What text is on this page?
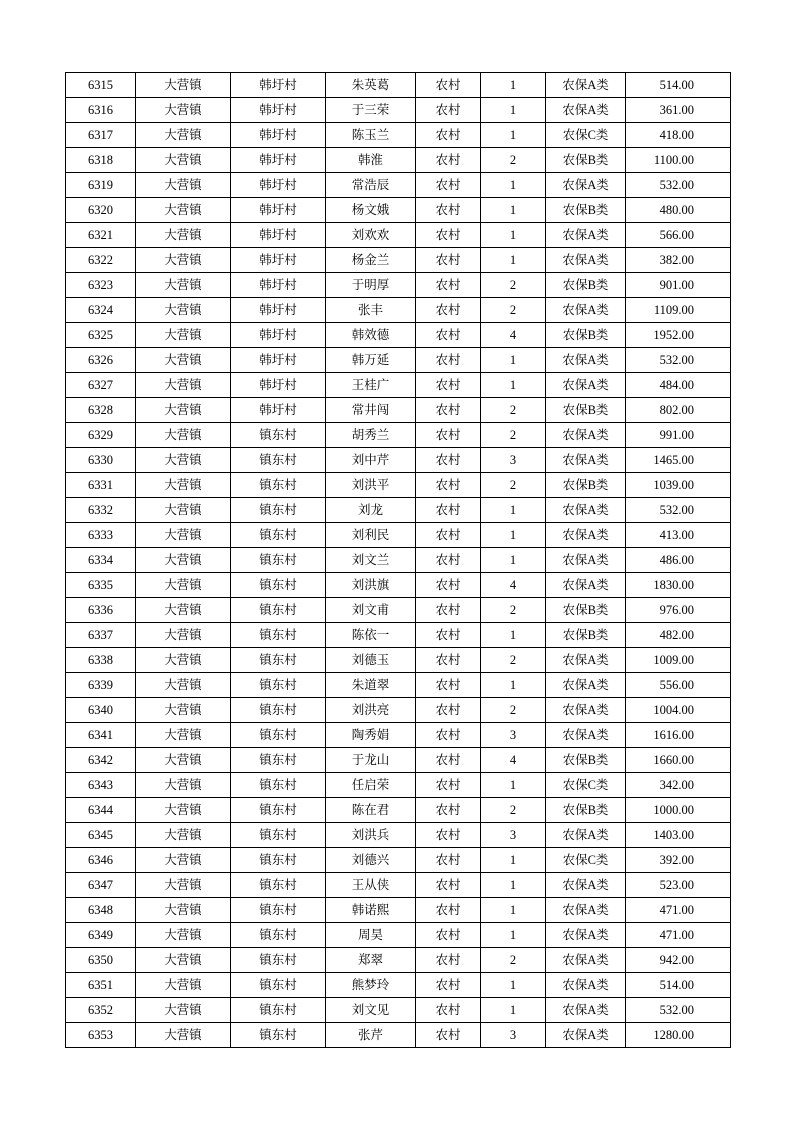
6315	大营镇	韩圩村	朱英葛	农村	1	农保A类	514.00
6316	大营镇	韩圩村	于三荣	农村	1	农保A类	361.00
6317	大营镇	韩圩村	陈玉兰	农村	1	农保C类	418.00
6318	大营镇	韩圩村	韩淮	农村	2	农保B类	1100.00
6319	大营镇	韩圩村	常浩辰	农村	1	农保A类	532.00
6320	大营镇	韩圩村	杨文娥	农村	1	农保B类	480.00
6321	大营镇	韩圩村	刘欢欢	农村	1	农保A类	566.00
6322	大营镇	韩圩村	杨金兰	农村	1	农保A类	382.00
6323	大营镇	韩圩村	于明厚	农村	2	农保B类	901.00
6324	大营镇	韩圩村	张丰	农村	2	农保A类	1109.00
6325	大营镇	韩圩村	韩效德	农村	4	农保B类	1952.00
6326	大营镇	韩圩村	韩万延	农村	1	农保A类	532.00
6327	大营镇	韩圩村	王桂广	农村	1	农保A类	484.00
6328	大营镇	韩圩村	常井闯	农村	2	农保B类	802.00
6329	大营镇	镇东村	胡秀兰	农村	2	农保A类	991.00
6330	大营镇	镇东村	刘中芹	农村	3	农保A类	1465.00
6331	大营镇	镇东村	刘洪平	农村	2	农保B类	1039.00
6332	大营镇	镇东村	刘龙	农村	1	农保A类	532.00
6333	大营镇	镇东村	刘利民	农村	1	农保A类	413.00
6334	大营镇	镇东村	刘文兰	农村	1	农保A类	486.00
6335	大营镇	镇东村	刘洪旗	农村	4	农保A类	1830.00
6336	大营镇	镇东村	刘文甫	农村	2	农保B类	976.00
6337	大营镇	镇东村	陈依一	农村	1	农保B类	482.00
6338	大营镇	镇东村	刘德玉	农村	2	农保A类	1009.00
6339	大营镇	镇东村	朱道翠	农村	1	农保A类	556.00
6340	大营镇	镇东村	刘洪亮	农村	2	农保A类	1004.00
6341	大营镇	镇东村	陶秀娟	农村	3	农保A类	1616.00
6342	大营镇	镇东村	于龙山	农村	4	农保B类	1660.00
6343	大营镇	镇东村	任启荣	农村	1	农保C类	342.00
6344	大营镇	镇东村	陈在君	农村	2	农保B类	1000.00
6345	大营镇	镇东村	刘洪兵	农村	3	农保A类	1403.00
6346	大营镇	镇东村	刘德兴	农村	1	农保C类	392.00
6347	大营镇	镇东村	王从侠	农村	1	农保A类	523.00
6348	大营镇	镇东村	韩诺熙	农村	1	农保A类	471.00
6349	大营镇	镇东村	周昊	农村	1	农保A类	471.00
6350	大营镇	镇东村	郑翠	农村	2	农保A类	942.00
6351	大营镇	镇东村	熊梦玲	农村	1	农保A类	514.00
6352	大营镇	镇东村	刘文见	农村	1	农保A类	532.00
6353	大营镇	镇东村	张芹	农村	3	农保A类	1280.00
